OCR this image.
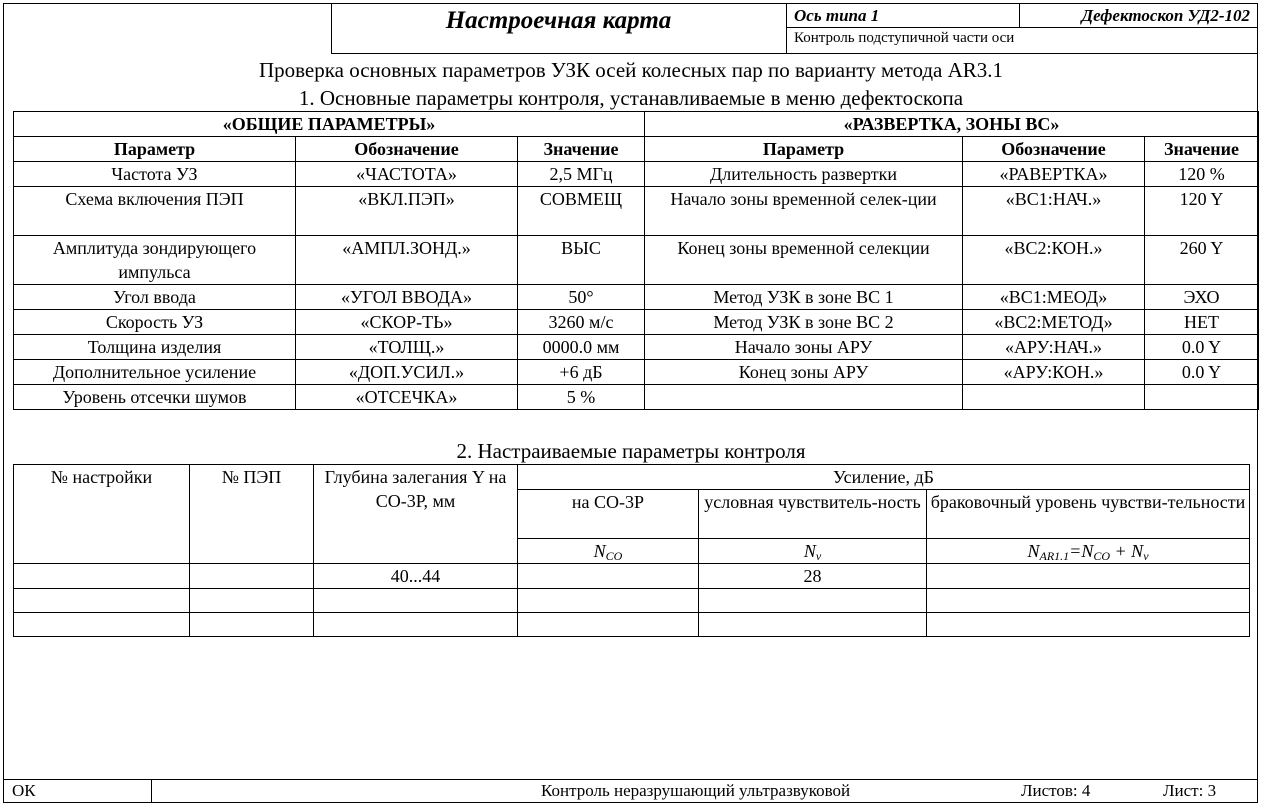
Настроечная карта	Ось типа 1	Дефектоскоп УД2-102
Контроль подступичной части оси
Проверка основных параметров УЗК осей колесных пар по варианту метода AR3.1
1. Основные параметры контроля, устанавливаемые в меню дефектоскопа
«ОБЩИЕ ПАРАМЕТРЫ»			«РАЗВЕРТКА, ЗОНЫ ВС»		
Параметр	Обозначение	Значение	Параметр	Обозначение	Значение
Частота УЗ	«ЧАСТОТА»	2,5 МГц	Длительность развертки	«РАВЕРТКА»	120 %
Схема включения ПЭП	«ВКЛ.ПЭП»	СОВМЕЩ	Начало зоны временной селек-ции	«ВС1:НАЧ.»	120 Y
Амплитуда зондирующего импульса	«АМПЛ.ЗОНД.»	ВЫС	Конец зоны временной селекции	«ВС2:КОН.»	260 Y
Угол ввода	«УГОЛ ВВОДА»	50°	Метод УЗК в зоне ВС 1	«ВС1:МЕОД»	ЭХО
Скорость УЗ	«СКОР-ТЬ»	3260 м/с	Метод УЗК в зоне ВС 2	«ВС2:МЕТОД»	НЕТ
Толщина изделия	«ТОЛЩ.»	0000.0 мм	Начало зоны АРУ	«АРУ:НАЧ.»	0.0 Y
Дополнительное усиление	«ДОП.УСИЛ.»	+6 дБ	Конец зоны АРУ	«АРУ:КОН.»	0.0 Y
Уровень отсечки шумов	«ОТСЕЧКА»	5 %			
2. Настраиваемые параметры контроля
№ настройки	№ ПЭП	Глубина залегания Y на СО-3Р, мм	Усиление, дБ		
			на СО-3Р	условная чувствитель-ность	браковочный уровень чувстви-тельности
			$N_{CO}$	$N_v$	$N_{AR1.1}=N_{CO} + N_v$
		40...44		28	

ОК	Контроль неразрушающий ультразвуковой	Листов: 4	Лист: 3
